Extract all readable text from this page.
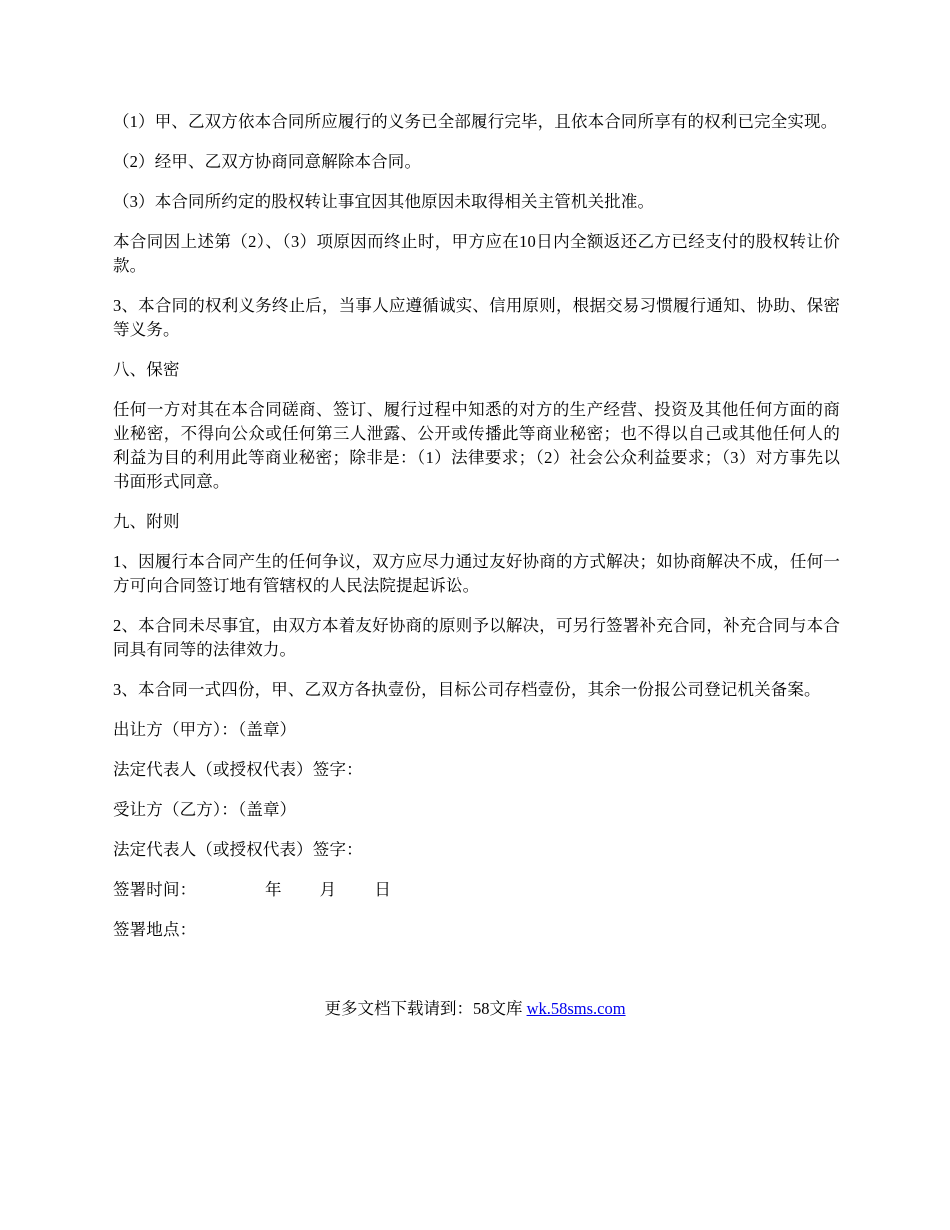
（1）甲、乙双方依本合同所应履行的义务已全部履行完毕，且依本合同所享有的权利已完全实现。

（2）经甲、乙双方协商同意解除本合同。

（3）本合同所约定的股权转让事宜因其他原因未取得相关主管机关批准。

本合同因上述第（2）、（3）项原因而终止时，甲方应在10日内全额返还乙方已经支付的股权转让价款。

3、本合同的权利义务终止后，当事人应遵循诚实、信用原则，根据交易习惯履行通知、协助、保密等义务。

八、保密

任何一方对其在本合同磋商、签订、履行过程中知悉的对方的生产经营、投资及其他任何方面的商业秘密，不得向公众或任何第三人泄露、公开或传播此等商业秘密；也不得以自己或其他任何人的利益为目的利用此等商业秘密；除非是：（1）法律要求；（2）社会公众利益要求；（3）对方事先以书面形式同意。

九、附则

1、因履行本合同产生的任何争议，双方应尽力通过友好协商的方式解决；如协商解决不成，任何一方可向合同签订地有管辖权的人民法院提起诉讼。

2、本合同未尽事宜，由双方本着友好协商的原则予以解决，可另行签署补充合同，补充合同与本合同具有同等的法律效力。

3、本合同一式四份，甲、乙双方各执壹份，目标公司存档壹份，其余一份报公司登记机关备案。

出让方（甲方）：（盖章）

法定代表人（或授权代表）签字：

受让方（乙方）：（盖章）

法定代表人（或授权代表）签字：

签署时间：	年 月 日

签署地点：

更多文档下载请到：58文库 wk.58sms.com
